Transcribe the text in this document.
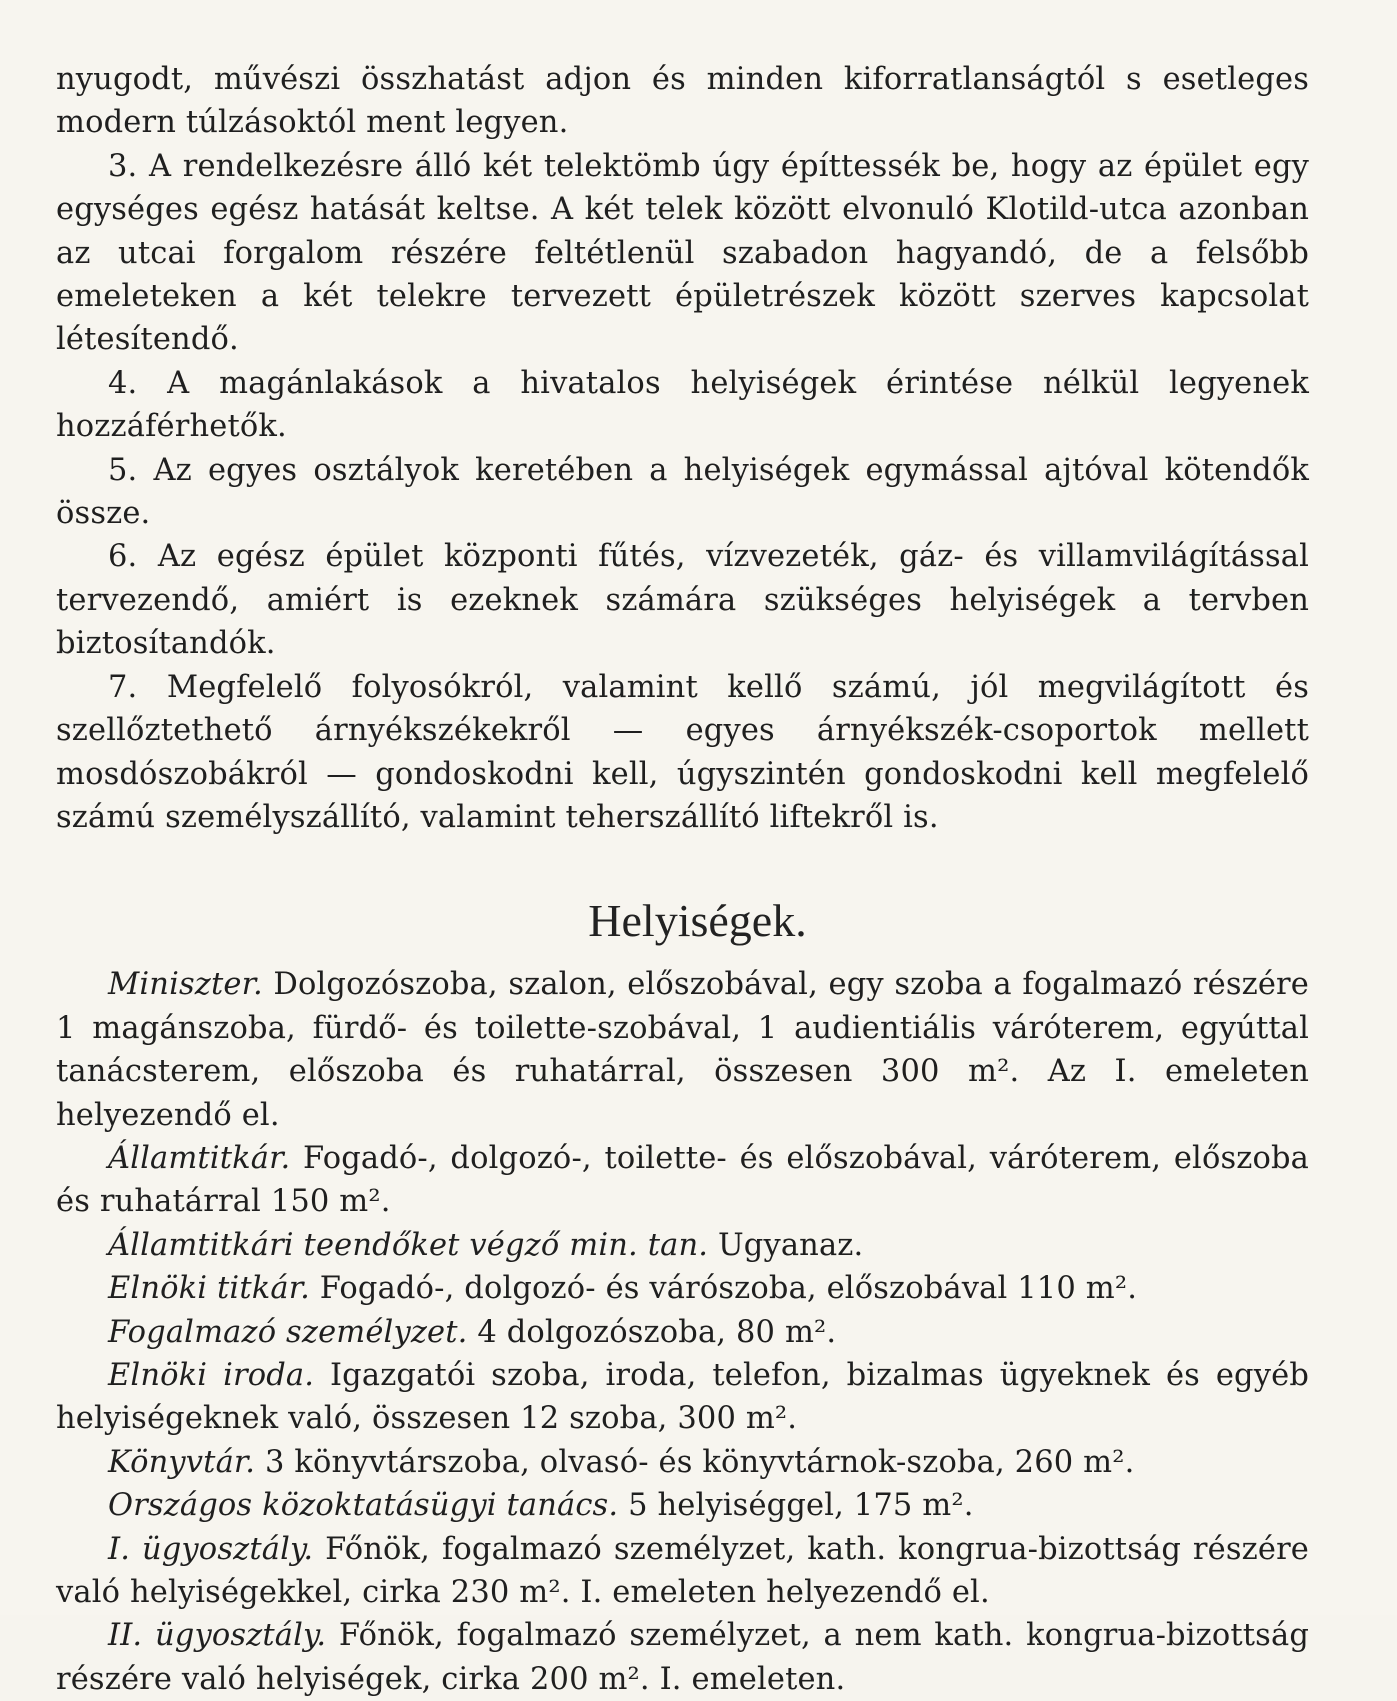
nyugodt, művészi összhatást adjon és minden kiforratlanságtól s esetleges modern túlzásoktól ment legyen.

3. A rendelkezésre álló két telektömb úgy építtessék be, hogy az épület egy egységes egész hatását keltse. A két telek között elvonuló Klotild-utca azonban az utcai forgalom részére feltétlenül szabadon hagyandó, de a felsőbb emeleteken a két telekre tervezett épületrészek között szerves kapcsolat létesítendő.

4. A magánlakások a hivatalos helyiségek érintése nélkül legyenek hozzáférhetők.

5. Az egyes osztályok keretében a helyiségek egymással ajtóval kötendők össze.

6. Az egész épület központi fűtés, vízvezeték, gáz- és villamvilágítással tervezendő, amiért is ezeknek számára szükséges helyiségek a tervben biztosítandók.

7. Megfelelő folyosókról, valamint kellő számú, jól megvilágított és szellőztethető árnyékszékekről — egyes árnyékszék-csoportok mellett mosdószobákról — gondoskodni kell, úgyszintén gondoskodni kell megfelelő számú személyszállító, valamint teherszállító liftekről is.

Helyiségek.

Miniszter. Dolgozószoba, szalon, előszobával, egy szoba a fogalmazó részére 1 magánszoba, fürdő- és toilette-szobával, 1 audientiális váróterem, egyúttal tanácsterem, előszoba és ruhatárral, összesen 300 m². Az I. emeleten helyezendő el.

Államtitkár. Fogadó-, dolgozó-, toilette- és előszobával, váróterem, előszoba és ruhatárral 150 m².

Államtitkári teendőket végző min. tan. Ugyanaz.

Elnöki titkár. Fogadó-, dolgozó- és várószoba, előszobával 110 m².

Fogalmazó személyzet. 4 dolgozószoba, 80 m².

Elnöki iroda. Igazgatói szoba, iroda, telefon, bizalmas ügyeknek és egyéb helyiségeknek való, összesen 12 szoba, 300 m².

Könyvtár. 3 könyvtárszoba, olvasó- és könyvtárnok-szoba, 260 m².

Országos közoktatásügyi tanács. 5 helyiséggel, 175 m².

I. ügyosztály. Főnök, fogalmazó személyzet, kath. kongrua-bizottság részére való helyiségekkel, cirka 230 m². I. emeleten helyezendő el.

II. ügyosztály. Főnök, fogalmazó személyzet, a nem kath. kongrua-bizottság részére való helyiségek, cirka 200 m². I. emeleten.
